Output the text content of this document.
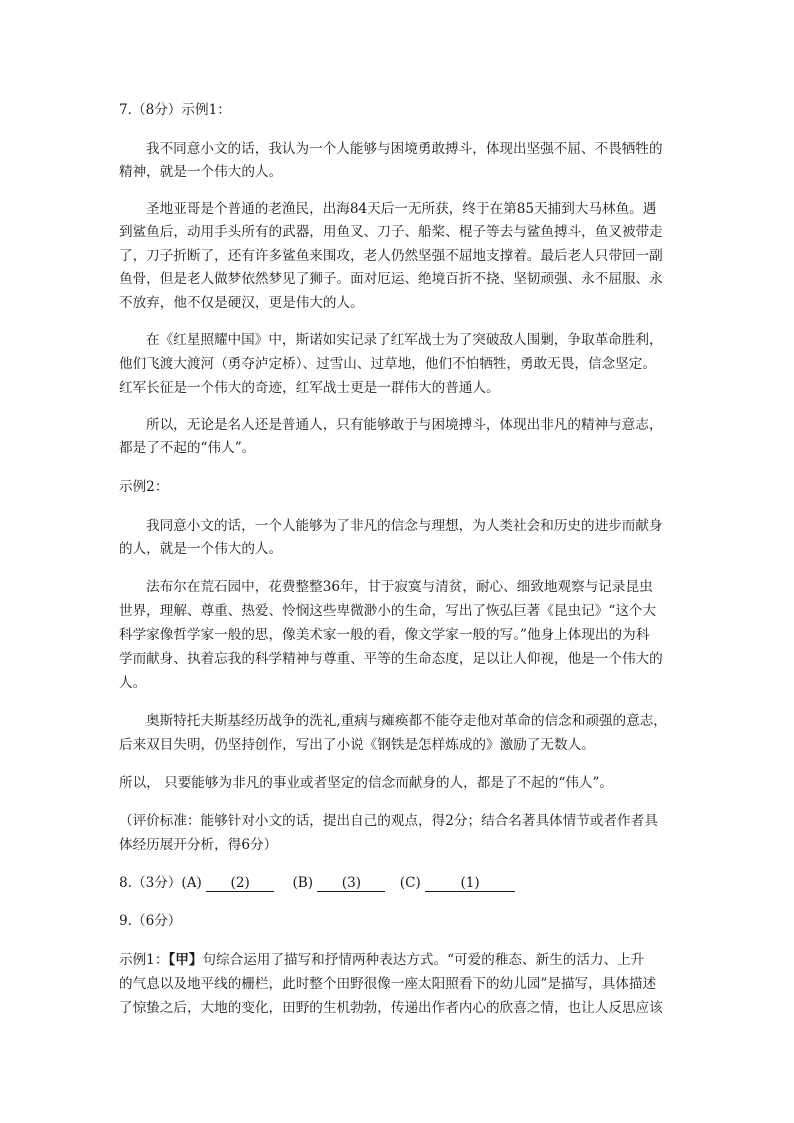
7.（8分）示例1：
我不同意小文的话，我认为一个人能够与困境勇敢搏斗，体现出坚强不屈、不畏牺牲的
精神，就是一个伟大的人。
圣地亚哥是个普通的老渔民，出海84天后一无所获，终于在第85天捕到大马林鱼。遇
到鲨鱼后，动用手头所有的武器，用鱼叉、刀子、船桨、棍子等去与鲨鱼搏斗，鱼叉被带走
了，刀子折断了，还有许多鲨鱼来围攻，老人仍然坚强不屈地支撑着。最后老人只带回一副
鱼骨，但是老人做梦依然梦见了狮子。面对厄运、绝境百折不挠、坚韧顽强、永不屈服、永
不放弃，他不仅是硬汉，更是伟大的人。
在《红星照耀中国》中，斯诺如实记录了红军战士为了突破敌人围剿，争取革命胜利，
他们飞渡大渡河（勇夺泸定桥）、过雪山、过草地，他们不怕牺牲，勇敢无畏，信念坚定。
红军长征是一个伟大的奇迹，红军战士更是一群伟大的普通人。
所以，无论是名人还是普通人，只有能够敢于与困境搏斗，体现出非凡的精神与意志，
都是了不起的“伟人”。
示例2：
我同意小文的话，一个人能够为了非凡的信念与理想，为人类社会和历史的进步而献身
的人，就是一个伟大的人。
法布尔在荒石园中，花费整整36年，甘于寂寞与清贫，耐心、细致地观察与记录昆虫
世界，理解、尊重、热爱、怜悯这些卑微渺小的生命，写出了恢弘巨著《昆虫记》“这个大
科学家像哲学家一般的思，像美术家一般的看，像文学家一般的写。”他身上体现出的为科
学而献身、执着忘我的科学精神与尊重、平等的生命态度，足以让人仰视，他是一个伟大的
人。
奥斯特托夫斯基经历战争的洗礼,重病与瘫痪都不能夺走他对革命的信念和顽强的意志，
后来双目失明，仍坚持创作，写出了小说《钢铁是怎样炼成的》激励了无数人。
所以， 只要能够为非凡的事业或者坚定的信念而献身的人，都是了不起的“伟人”。
（评价标准：能够针对小文的话，提出自己的观点，得2分；结合名著具体情节或者作者具
体经历展开分析，得6分）
8.（3分）(A) (2)	(B) (3)	(C)	(1)
9.（6分）
示例1：【甲】句综合运用了描写和抒情两种表达方式。“可爱的稚态、新生的活力、上升
的气息以及地平线的栅栏，此时整个田野很像一座太阳照看下的幼儿园”是描写，具体描述
了惊蛰之后，大地的变化，田野的生机勃勃，传递出作者内心的欣喜之情，也让人反思应该
